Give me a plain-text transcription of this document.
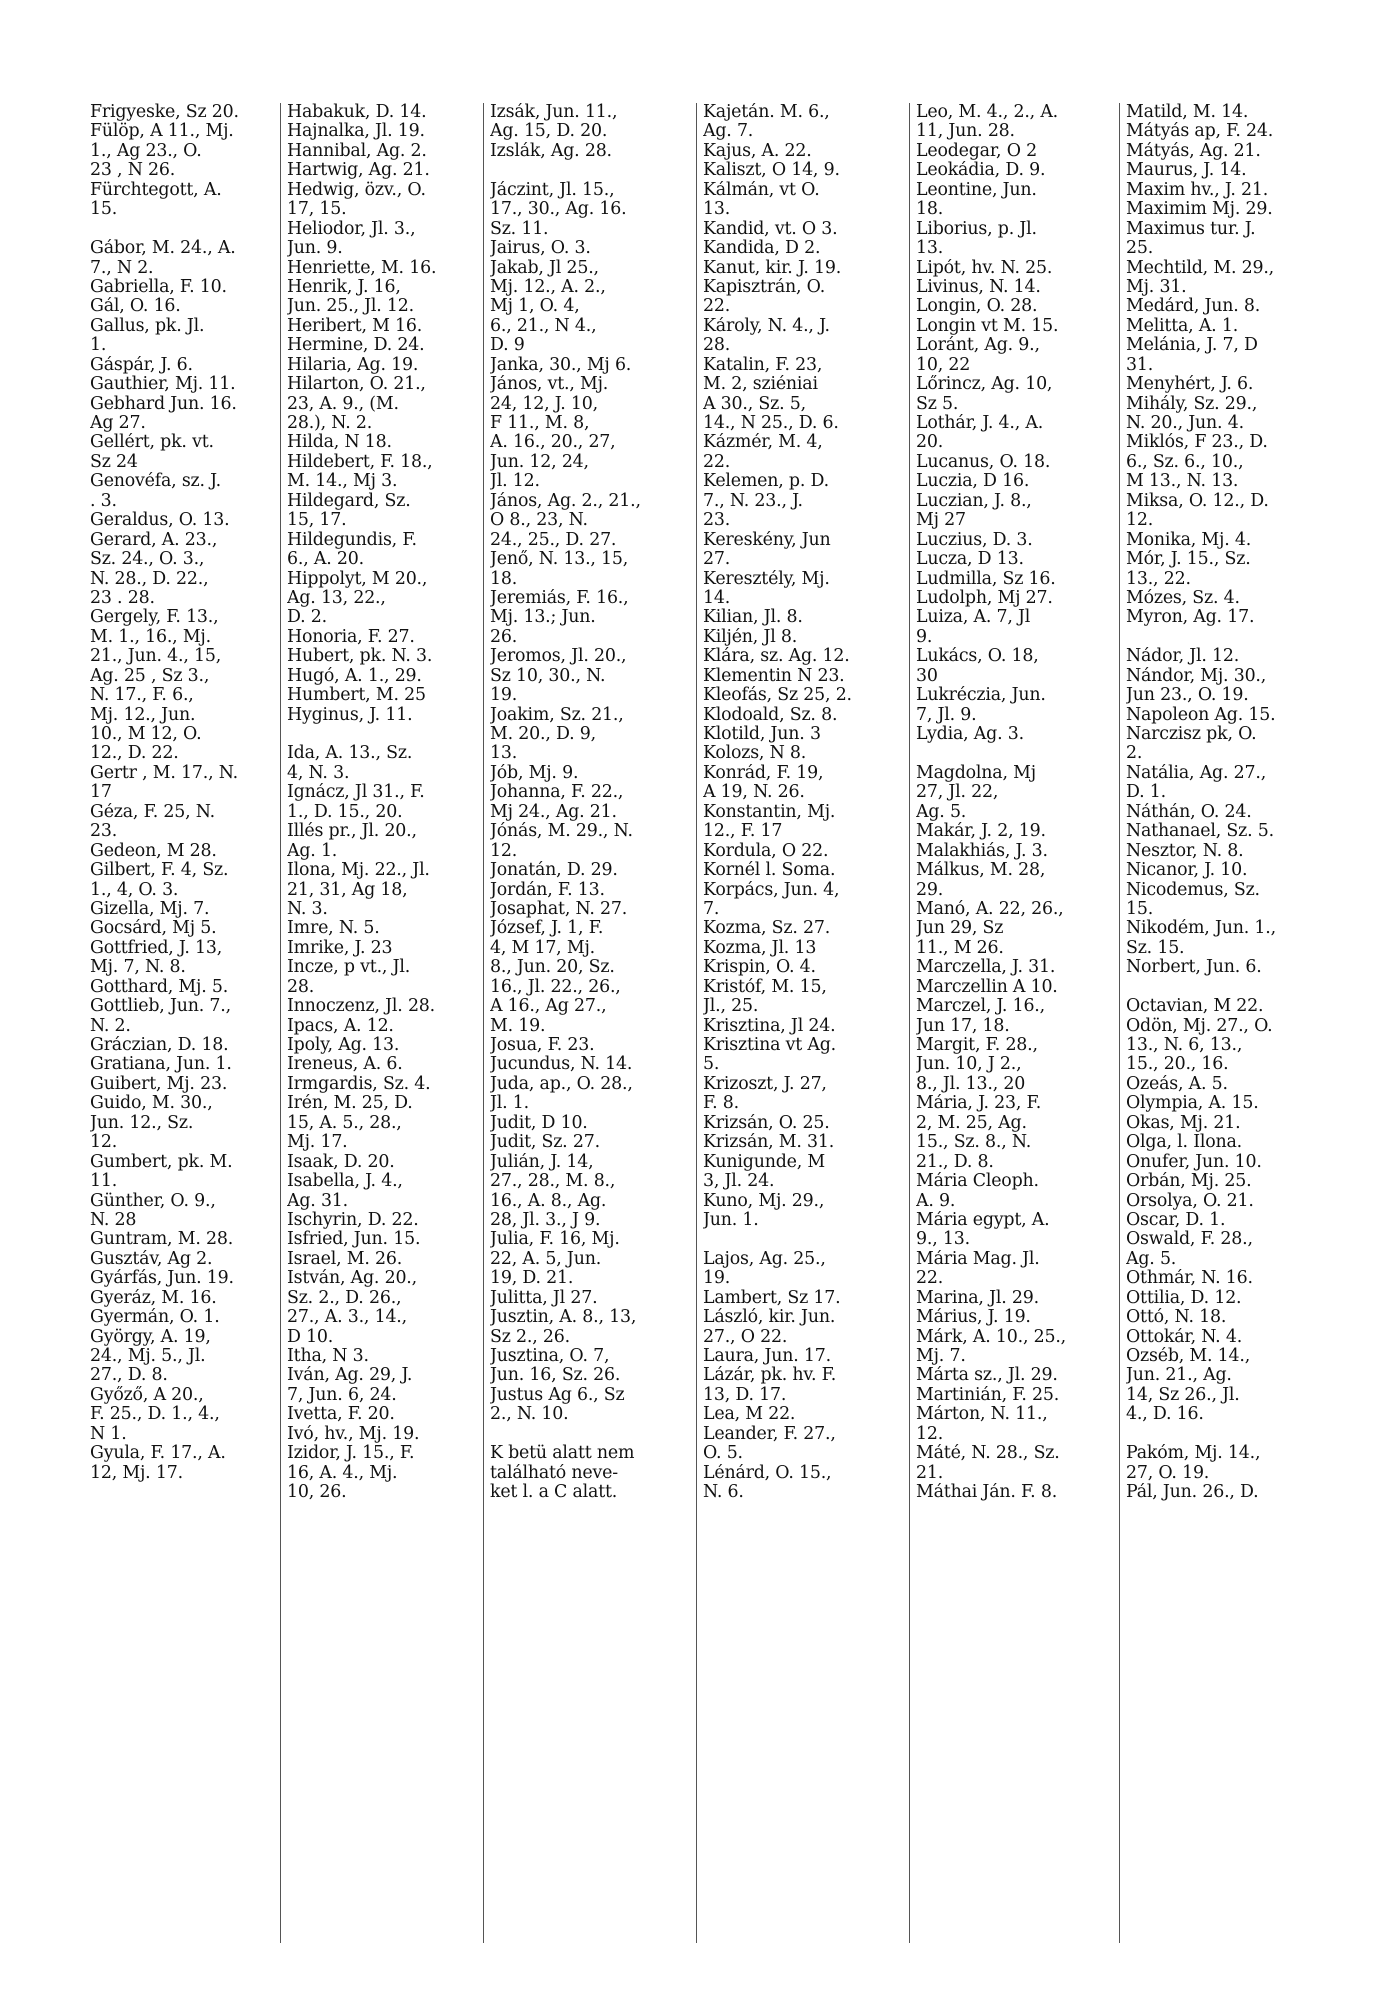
Frigyeske, Sz 20.
Fülöp, A 11., Mj.
1., Ag 23., O.
23 , N 26.
Fürchtegott, A.
15.
Gábor, M. 24., A.
7., N 2.
Gabriella, F. 10.
Gál, O. 16.
Gallus, pk. Jl.
1.
Gáspár, J. 6.
Gauthier, Mj. 11.
Gebhard Jun. 16.
Ag 27.
Gellért, pk. vt.
Sz 24
Genovéfa, sz. J.
. 3.
Geraldus, O. 13.
Gerard, A. 23.,
Sz. 24., O. 3.,
N. 28., D. 22.,
23 . 28.
Gergely, F. 13.,
M. 1., 16., Mj.
21., Jun. 4., 15,
Ag. 25 , Sz 3.,
N. 17., F. 6.,
Mj. 12., Jun.
10., M 12, O.
12., D. 22.
Gertr , M. 17., N.
17
Géza, F. 25, N.
23.
Gedeon, M 28.
Gilbert, F. 4, Sz.
1., 4, O. 3.
Gizella, Mj. 7.
Gocsárd, Mj 5.
Gottfried, J. 13,
Mj. 7, N. 8.
Gotthard, Mj. 5.
Gottlieb, Jun. 7.,
N. 2.
Gráczian, D. 18.
Gratiana, Jun. 1.
Guibert, Mj. 23.
Guido, M. 30.,
Jun. 12., Sz.
12.
Gumbert, pk. M.
11.
Günther, O. 9.,
N. 28
Guntram, M. 28.
Gusztáv, Ag 2.
Gyárfás, Jun. 19.
Gyeráz, M. 16.
Gyermán, O. 1.
György, A. 19,
24., Mj. 5., Jl.
27., D. 8.
Győző, A 20.,
F. 25., D. 1., 4.,
N 1.
Gyula, F. 17., A.
12, Mj. 17.
Habakuk, D. 14.
Hajnalka, Jl. 19.
Hannibal, Ag. 2.
Hartwig, Ag. 21.
Hedwig, özv., O.
17, 15.
Heliodor, Jl. 3.,
Jun. 9.
Henriette, M. 16.
Henrik, J. 16,
Jun. 25., Jl. 12.
Heribert, M 16.
Hermine, D. 24.
Hilaria, Ag. 19.
Hilarton, O. 21.,
23, A. 9., (M.
28.), N. 2.
Hilda, N 18.
Hildebert, F. 18.,
M. 14., Mj 3.
Hildegard, Sz.
15, 17.
Hildegundis, F.
6., A. 20.
Hippolyt, M 20.,
Ag. 13, 22.,
D. 2.
Honoria, F. 27.
Hubert, pk. N. 3.
Hugó, A. 1., 29.
Humbert, M. 25
Hyginus, J. 11.
Ida, A. 13., Sz.
4, N. 3.
Ignácz, Jl 31., F.
1., D. 15., 20.
Illés pr., Jl. 20.,
Ag. 1.
Ilona, Mj. 22., Jl.
21, 31, Ag 18,
N. 3.
Imre, N. 5.
Imrike, J. 23
Incze, p vt., Jl.
28.
Innoczenz, Jl. 28.
Ipacs, A. 12.
Ipoly, Ag. 13.
Ireneus, A. 6.
Irmgardis, Sz. 4.
Irén, M. 25, D.
15, A. 5., 28.,
Mj. 17.
Isaak, D. 20.
Isabella, J. 4.,
Ag. 31.
Ischyrin, D. 22.
Isfried, Jun. 15.
Israel, M. 26.
István, Ag. 20.,
Sz. 2., D. 26.,
27., A. 3., 14.,
D 10.
Itha, N 3.
Iván, Ag. 29, J.
7, Jun. 6, 24.
Ivetta, F. 20.
Ivó, hv., Mj. 19.
Izidor, J. 15., F.
16, A. 4., Mj.
10, 26.
Izsák, Jun. 11.,
Ag. 15, D. 20.
Izslák, Ag. 28.
Jáczint, Jl. 15.,
17., 30., Ag. 16.
Sz. 11.
Jairus, O. 3.
Jakab, Jl 25.,
Mj. 12., A. 2.,
Mj 1, O. 4,
6., 21., N 4.,
D. 9
Janka, 30., Mj 6.
János, vt., Mj.
24, 12, J. 10,
F 11., M. 8,
A. 16., 20., 27,
Jun. 12, 24,
Jl. 12.
János, Ag. 2., 21.,
O 8., 23, N.
24., 25., D. 27.
Jenő, N. 13., 15,
18.
Jeremiás, F. 16.,
Mj. 13.; Jun.
26.
Jeromos, Jl. 20.,
Sz 10, 30., N.
19.
Joakim, Sz. 21.,
M. 20., D. 9,
13.
Jób, Mj. 9.
Johanna, F. 22.,
Mj 24., Ag. 21.
Jónás, M. 29., N.
12.
Jonatán, D. 29.
Jordán, F. 13.
Josaphat, N. 27.
József, J. 1, F.
4, M 17, Mj.
8., Jun. 20, Sz.
16., Jl. 22., 26.,
A 16., Ag 27.,
M. 19.
Josua, F. 23.
Jucundus, N. 14.
Juda, ap., O. 28.,
Jl. 1.
Judit, D 10.
Judit, Sz. 27.
Julián, J. 14,
27., 28., M. 8.,
16., A. 8., Ag.
28, Jl. 3., J 9.
Julia, F. 16, Mj.
22, A. 5, Jun.
19, D. 21.
Julitta, Jl 27.
Jusztin, A. 8., 13,
Sz 2., 26.
Jusztina, O. 7,
Jun. 16, Sz. 26.
Justus Ag 6., Sz
2., N. 10.
K betü alatt nem
található neve-
ket l. a C alatt.
Kajetán. M. 6.,
Ag. 7.
Kajus, A. 22.
Kaliszt, O 14, 9.
Kálmán, vt O.
13.
Kandid, vt. O 3.
Kandida, D 2.
Kanut, kir. J. 19.
Kapisztrán, O.
22.
Károly, N. 4., J.
28.
Katalin, F. 23,
M. 2, sziéniai
A 30., Sz. 5,
14., N 25., D. 6.
Kázmér, M. 4,
22.
Kelemen, p. D.
7., N. 23., J.
23.
Kereskény, Jun
27.
Keresztély, Mj.
14.
Kilian, Jl. 8.
Kiljén, Jl 8.
Klára, sz. Ag. 12.
Klementin N 23.
Kleofás, Sz 25, 2.
Klodoald, Sz. 8.
Klotild, Jun. 3
Kolozs, N 8.
Konrád, F. 19,
A 19, N. 26.
Konstantin, Mj.
12., F. 17
Kordula, O 22.
Kornél l. Soma.
Korpács, Jun. 4,
7.
Kozma, Sz. 27.
Kozma, Jl. 13
Krispin, O. 4.
Kristóf, M. 15,
Jl., 25.
Krisztina, Jl 24.
Krisztina vt Ag.
5.
Krizoszt, J. 27,
F. 8.
Krizsán, O. 25.
Krizsán, M. 31.
Kunigunde, M
3, Jl. 24.
Kuno, Mj. 29.,
Jun. 1.
Lajos, Ag. 25.,
19.
Lambert, Sz 17.
László, kir. Jun.
27., O 22.
Laura, Jun. 17.
Lázár, pk. hv. F.
13, D. 17.
Lea, M 22.
Leander, F. 27.,
O. 5.
Lénárd, O. 15.,
N. 6.
Leo, M. 4., 2., A.
11, Jun. 28.
Leodegar, O 2
Leokádia, D. 9.
Leontine, Jun.
18.
Liborius, p. Jl.
13.
Lipót, hv. N. 25.
Livinus, N. 14.
Longin, O. 28.
Longin vt M. 15.
Loránt, Ag. 9.,
10, 22
Lőrincz, Ag. 10,
Sz 5.
Lothár, J. 4., A.
20.
Lucanus, O. 18.
Luczia, D 16.
Luczian, J. 8.,
Mj 27
Luczius, D. 3.
Lucza, D 13.
Ludmilla, Sz 16.
Ludolph, Mj 27.
Luiza, A. 7, Jl
9.
Lukács, O. 18,
30
Lukréczia, Jun.
7, Jl. 9.
Lydia, Ag. 3.
Magdolna, Mj
27, Jl. 22,
Ag. 5.
Makár, J. 2, 19.
Malakhiás, J. 3.
Málkus, M. 28,
29.
Manó, A. 22, 26.,
Jun 29, Sz
11., M 26.
Marczella, J. 31.
Marczellin A 10.
Marczel, J. 16.,
Jun 17, 18.
Margit, F. 28.,
Jun. 10, J 2.,
8., Jl. 13., 20
Mária, J. 23, F.
2, M. 25, Ag.
15., Sz. 8., N.
21., D. 8.
Mária Cleoph.
A. 9.
Mária egypt, A.
9., 13.
Mária Mag. Jl.
22.
Marina, Jl. 29.
Márius, J. 19.
Márk, A. 10., 25.,
Mj. 7.
Márta sz., Jl. 29.
Martinián, F. 25.
Márton, N. 11.,
12.
Máté, N. 28., Sz.
21.
Máthai Ján. F. 8.
Matild, M. 14.
Mátyás ap, F. 24.
Mátyás, Ag. 21.
Maurus, J. 14.
Maxim hv., J. 21.
Maximim Mj. 29.
Maximus tur. J.
25.
Mechtild, M. 29.,
Mj. 31.
Medárd, Jun. 8.
Melitta, A. 1.
Melánia, J. 7, D
31.
Menyhért, J. 6.
Mihály, Sz. 29.,
N. 20., Jun. 4.
Miklós, F 23., D.
6., Sz. 6., 10.,
M 13., N. 13.
Miksa, O. 12., D.
12.
Monika, Mj. 4.
Mór, J. 15., Sz.
13., 22.
Mózes, Sz. 4.
Myron, Ag. 17.
Nádor, Jl. 12.
Nándor, Mj. 30.,
Jun 23., O. 19.
Napoleon Ag. 15.
Narczisz pk, O.
2.
Natália, Ag. 27.,
D. 1.
Náthán, O. 24.
Nathanael, Sz. 5.
Nesztor, N. 8.
Nicanor, J. 10.
Nicodemus, Sz.
15.
Nikodém, Jun. 1.,
Sz. 15.
Norbert, Jun. 6.
Octavian, M 22.
Ödön, Mj. 27., O.
13., N. 6, 13.,
15., 20., 16.
Ozeás, A. 5.
Olympia, A. 15.
Okas, Mj. 21.
Olga, l. Ilona.
Onufer, Jun. 10.
Orbán, Mj. 25.
Orsolya, O. 21.
Oscar, D. 1.
Oswald, F. 28.,
Ag. 5.
Othmár, N. 16.
Ottilia, D. 12.
Ottó, N. 18.
Ottokár, N. 4.
Özséb, M. 14.,
Jun. 21., Ag.
14, Sz 26., Jl.
4., D. 16.
Pakóm, Mj. 14.,
27, O. 19.
Pál, Jun. 26., D.
